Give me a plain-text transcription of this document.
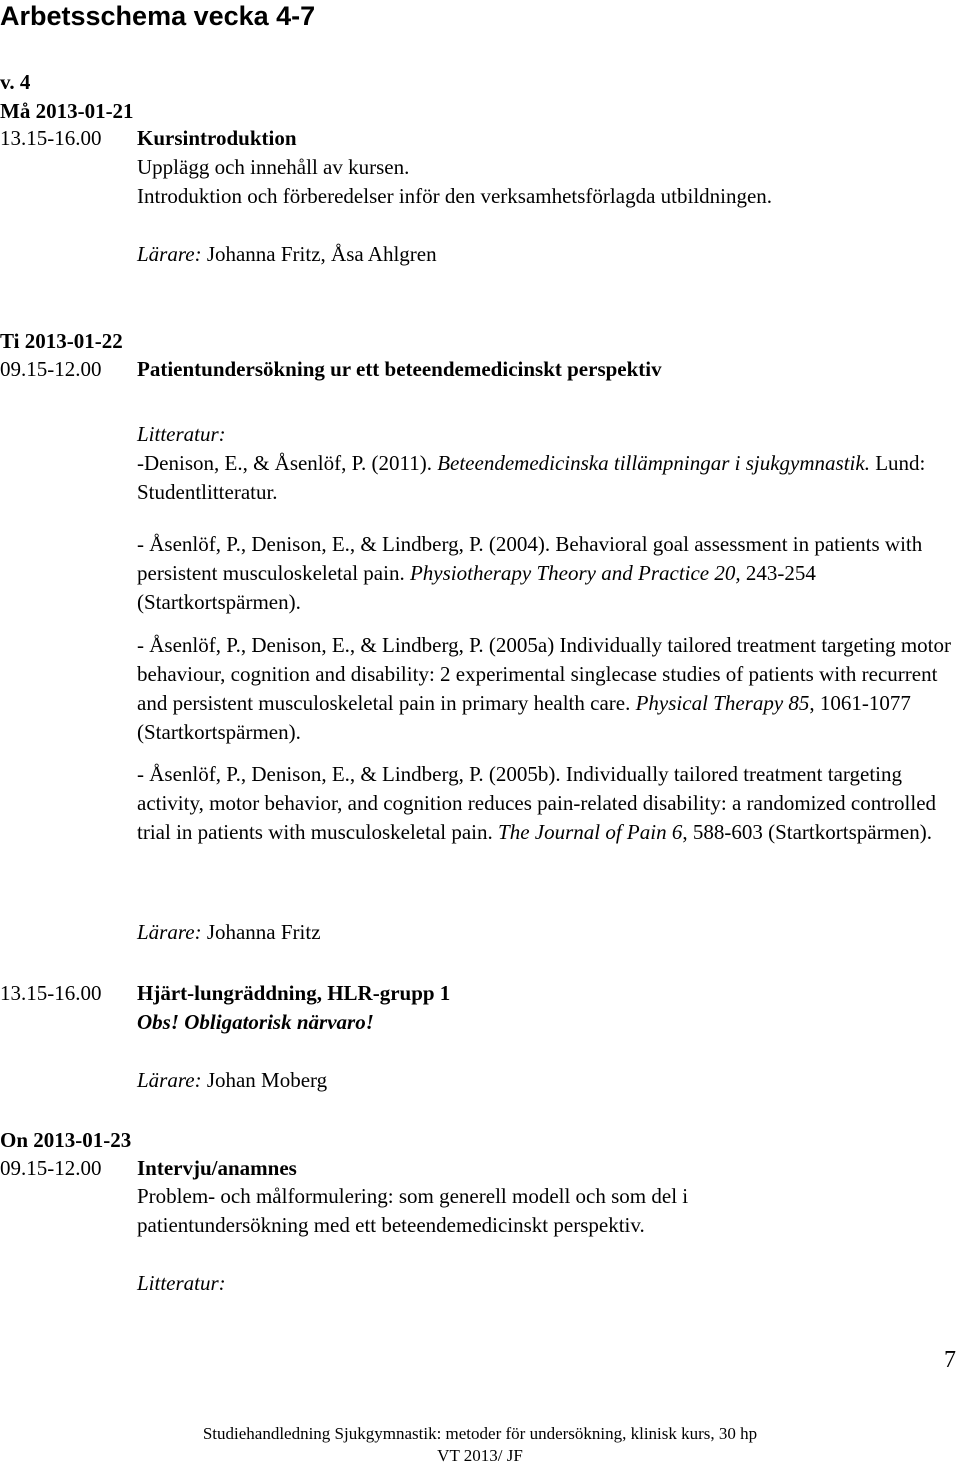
Arbetsschema vecka 4-7
v. 4
Må 2013-01-21
13.15-16.00 Kursintroduktion
Upplägg och innehåll av kursen.
Introduktion och förberedelser inför den verksamhetsförlagda utbildningen.
Lärare: Johanna Fritz, Åsa Ahlgren
Ti 2013-01-22
09.15-12.00 Patientundersökning ur ett beteendemedicinskt perspektiv
Litteratur:
-Denison, E., & Åsenlöf, P. (2011). Beteendemedicinska tillämpningar i sjukgymnastik. Lund: Studentlitteratur.
- Åsenlöf, P., Denison, E., & Lindberg, P. (2004). Behavioral goal assessment in patients with persistent musculoskeletal pain. Physiotherapy Theory and Practice 20, 243-254 (Startkortspärmen).
- Åsenlöf, P., Denison, E., & Lindberg, P. (2005a) Individually tailored treatment targeting motor behaviour, cognition and disability: 2 experimental singlecase studies of patients with recurrent and persistent musculoskeletal pain in primary health care. Physical Therapy 85, 1061-1077 (Startkortspärmen).
- Åsenlöf, P., Denison, E., & Lindberg, P. (2005b). Individually tailored treatment targeting activity, motor behavior, and cognition reduces pain-related disability: a randomized controlled trial in patients with musculoskeletal pain. The Journal of Pain 6, 588-603 (Startkortspärmen).
Lärare: Johanna Fritz
13.15-16.00 Hjärt-lungräddning, HLR-grupp 1
Obs! Obligatorisk närvaro!
Lärare: Johan Moberg
On 2013-01-23
09.15-12.00 Intervju/anamnes
Problem- och målformulering: som generell modell och som del i patientundersökning med ett beteendemedicinskt perspektiv.
Litteratur:
7
Studiehandledning Sjukgymnastik: metoder för undersökning, klinisk kurs, 30 hp
VT 2013/ JF
